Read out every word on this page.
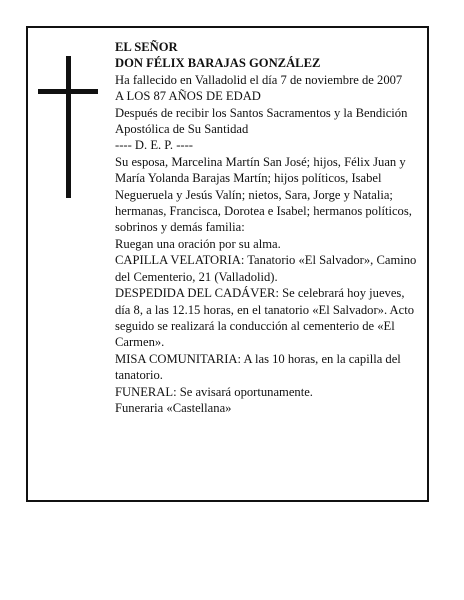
EL SEÑOR

DON FÉLIX BARAJAS GONZÁLEZ

Ha fallecido en Valladolid el día 7 de noviembre de 2007

A LOS 87 AÑOS DE EDAD

Después de recibir los Santos Sacramentos y la Bendición Apostólica de Su Santidad

---- D. E. P. ----

Su esposa, Marcelina Martín San José; hijos, Félix Juan y María Yolanda Barajas Martín; hijos políticos, Isabel Negueruela y Jesús Valín; nietos, Sara, Jorge y Natalia; hermanas, Francisca, Dorotea e Isabel; hermanos políticos, sobrinos y demás familia:

Ruegan una oración por su alma.

CAPILLA VELATORIA: Tanatorio «El Salvador», Camino del Cementerio, 21 (Valladolid).

DESPEDIDA DEL CADÁVER: Se celebrará hoy jueves, día 8, a las 12.15 horas, en el tanatorio «El Salvador». Acto seguido se realizará la conducción al cementerio de «El Carmen».

MISA COMUNITARIA: A las 10 horas, en la capilla del tanatorio.

FUNERAL: Se avisará oportunamente.

Funeraria «Castellana»
